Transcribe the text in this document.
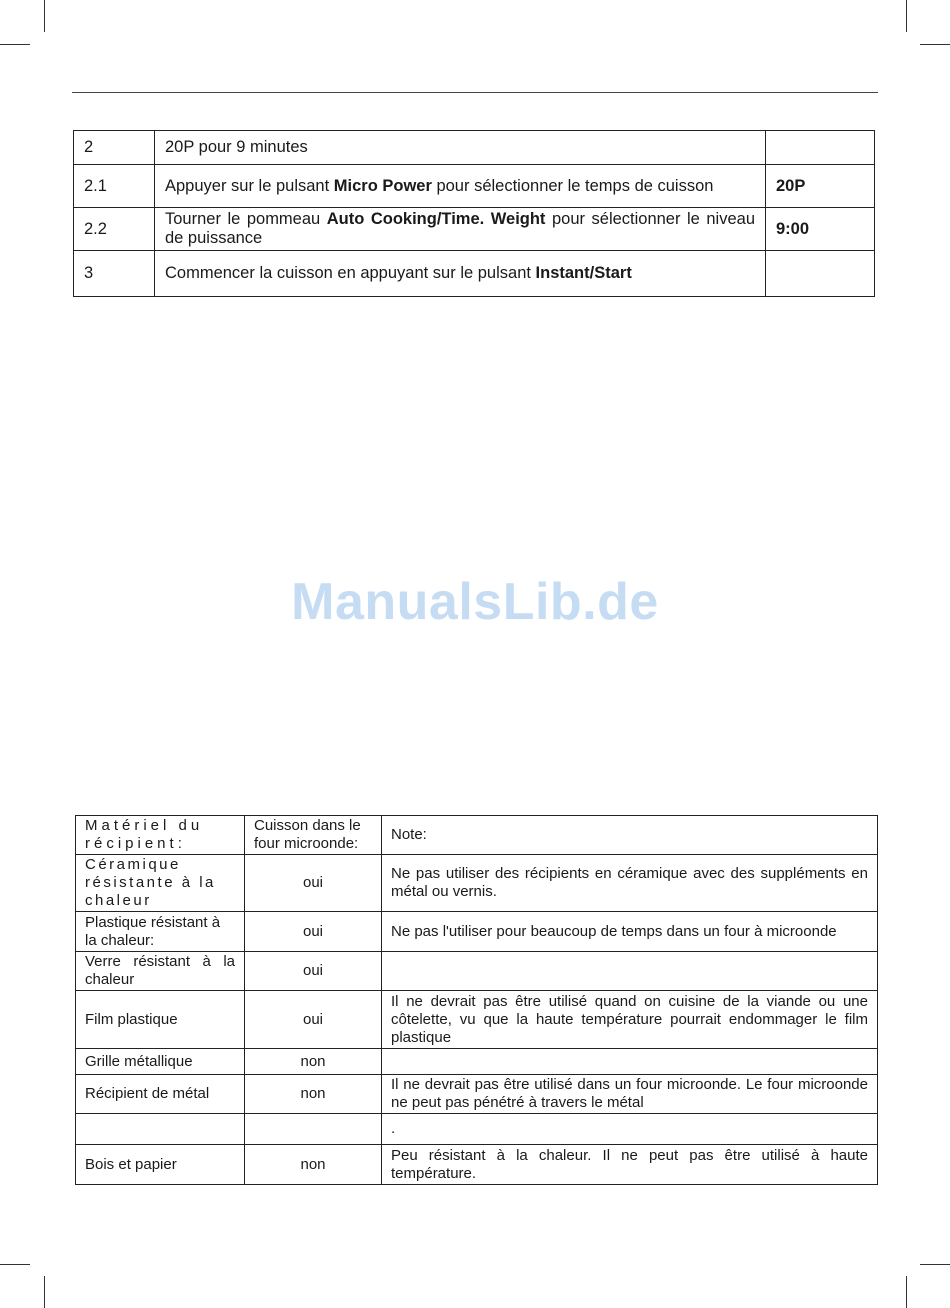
2	20P pour 9 minutes	
2.1	Appuyer sur le pulsant Micro Power pour sélectionner le temps de cuisson	20P
2.2	Tourner le pommeau Auto Cooking/Time. Weight pour sélectionner le niveau de puissance	9:00
3	Commencer la cuisson en appuyant sur le pulsant Instant/Start	
ManualsLib.de
Matériel du récipient:	Cuisson dans le four microonde:	Note:
Céramique résistante à la chaleur	oui	Ne pas utiliser des récipients en céramique avec des suppléments en métal ou vernis.
Plastique résistant à la chaleur:	oui	Ne pas l'utiliser pour beaucoup de temps dans un four à microonde
Verre résistant à la chaleur	oui	
Film plastique	oui	Il ne devrait pas être utilisé quand on cuisine de la viande ou une côtelette, vu que la haute température pourrait endommager le film plastique
Grille métallique	non	
Récipient de métal	non	Il ne devrait pas être utilisé dans un four microonde. Le four microonde ne peut pas pénétré à travers le métal
		.
Bois et papier	non	Peu résistant à la chaleur. Il ne peut pas être utilisé à haute température.
